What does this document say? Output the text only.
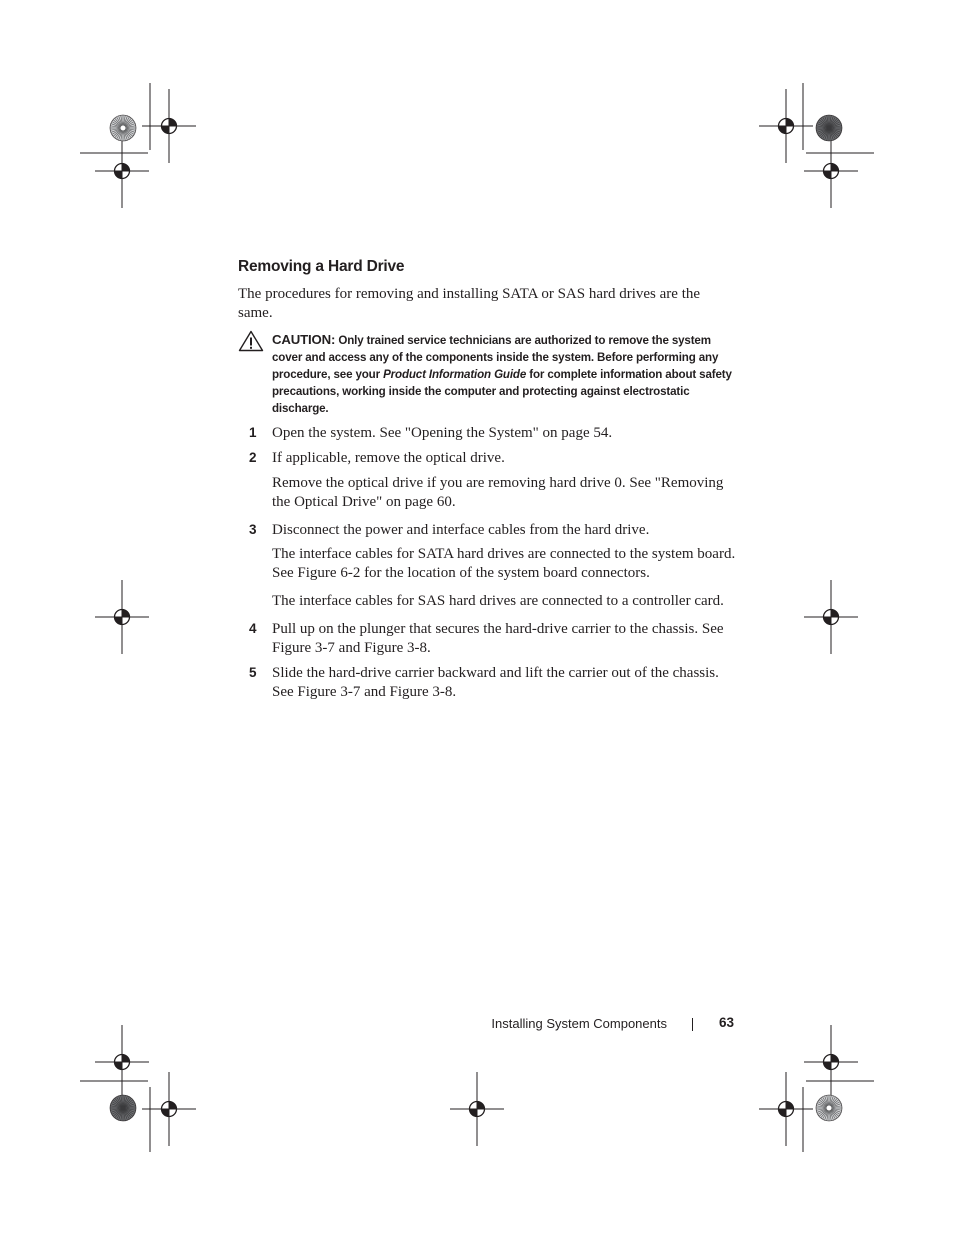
Removing a Hard Drive
The procedures for removing and installing SATA or SAS hard drives are the same.
CAUTION: Only trained service technicians are authorized to remove the system cover and access any of the components inside the system. Before performing any procedure, see your Product Information Guide for complete information about safety precautions, working inside the computer and protecting against electrostatic discharge.
1 Open the system. See "Opening the System" on page 54.
2 If applicable, remove the optical drive.
Remove the optical drive if you are removing hard drive 0. See "Removing the Optical Drive" on page 60.
3 Disconnect the power and interface cables from the hard drive.
The interface cables for SATA hard drives are connected to the system board. See Figure 6-2 for the location of the system board connectors.
The interface cables for SAS hard drives are connected to a controller card.
4 Pull up on the plunger that secures the hard-drive carrier to the chassis. See Figure 3-7 and Figure 3-8.
5 Slide the hard-drive carrier backward and lift the carrier out of the chassis. See Figure 3-7 and Figure 3-8.
Installing System Components	63
